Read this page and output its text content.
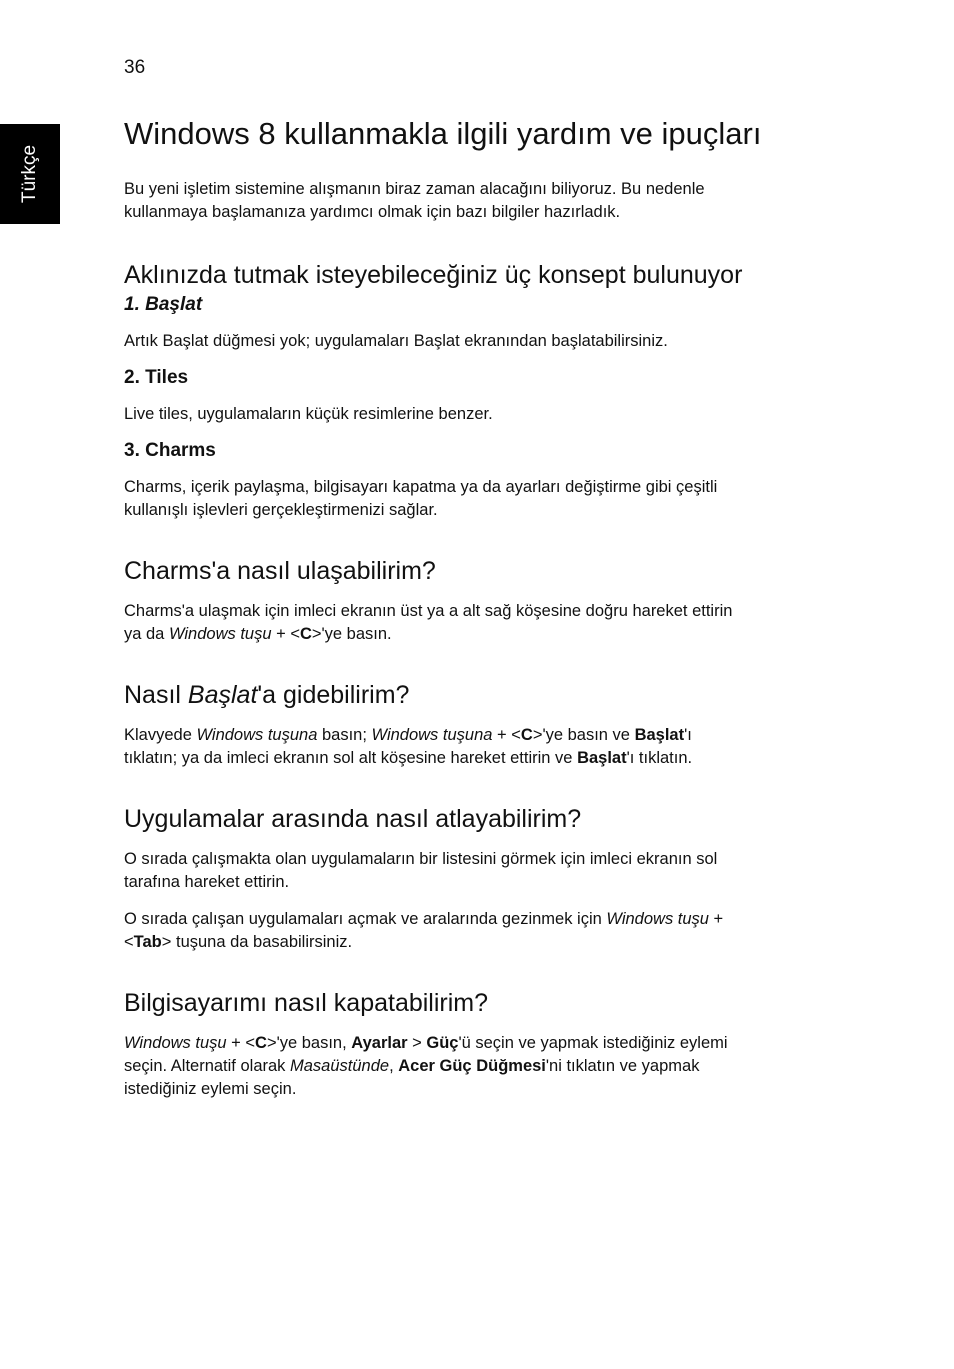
36
Türkçe
Windows 8 kullanmakla ilgili yardım ve ipuçları

Bu yeni işletim sistemine alışmanın biraz zaman alacağını biliyoruz. Bu nedenle
kullanmaya başlamanıza yardımcı olmak için bazı bilgiler hazırladık.

Aklınızda tutmak isteyebileceğiniz üç konsept bulunuyor
1. Başlat

Artık Başlat düğmesi yok; uygulamaları Başlat ekranından başlatabilirsiniz.

2. Tiles

Live tiles, uygulamaların küçük resimlerine benzer.

3. Charms

Charms, içerik paylaşma, bilgisayarı kapatma ya da ayarları değiştirme gibi çeşitli
kullanışlı işlevleri gerçekleştirmenizi sağlar.

Charms'a nasıl ulaşabilirim?

Charms'a ulaşmak için imleci ekranın üst ya a alt sağ köşesine doğru hareket ettirin
ya da Windows tuşu + <C>'ye basın.

Nasıl Başlat'a gidebilirim?

Klavyede Windows tuşuna basın; Windows tuşuna + <C>'ye basın ve Başlat'ı
tıklatın; ya da imleci ekranın sol alt köşesine hareket ettirin ve Başlat'ı tıklatın.

Uygulamalar arasında nasıl atlayabilirim?

O sırada çalışmakta olan uygulamaların bir listesini görmek için imleci ekranın sol
tarafına hareket ettirin.

O sırada çalışan uygulamaları açmak ve aralarında gezinmek için Windows tuşu +
<Tab> tuşuna da basabilirsiniz.

Bilgisayarımı nasıl kapatabilirim?

Windows tuşu + <C>'ye basın, Ayarlar > Güç'ü seçin ve yapmak istediğiniz eylemi
seçin. Alternatif olarak Masaüstünde, Acer Güç Düğmesi'ni tıklatın ve yapmak
istediğiniz eylemi seçin.
